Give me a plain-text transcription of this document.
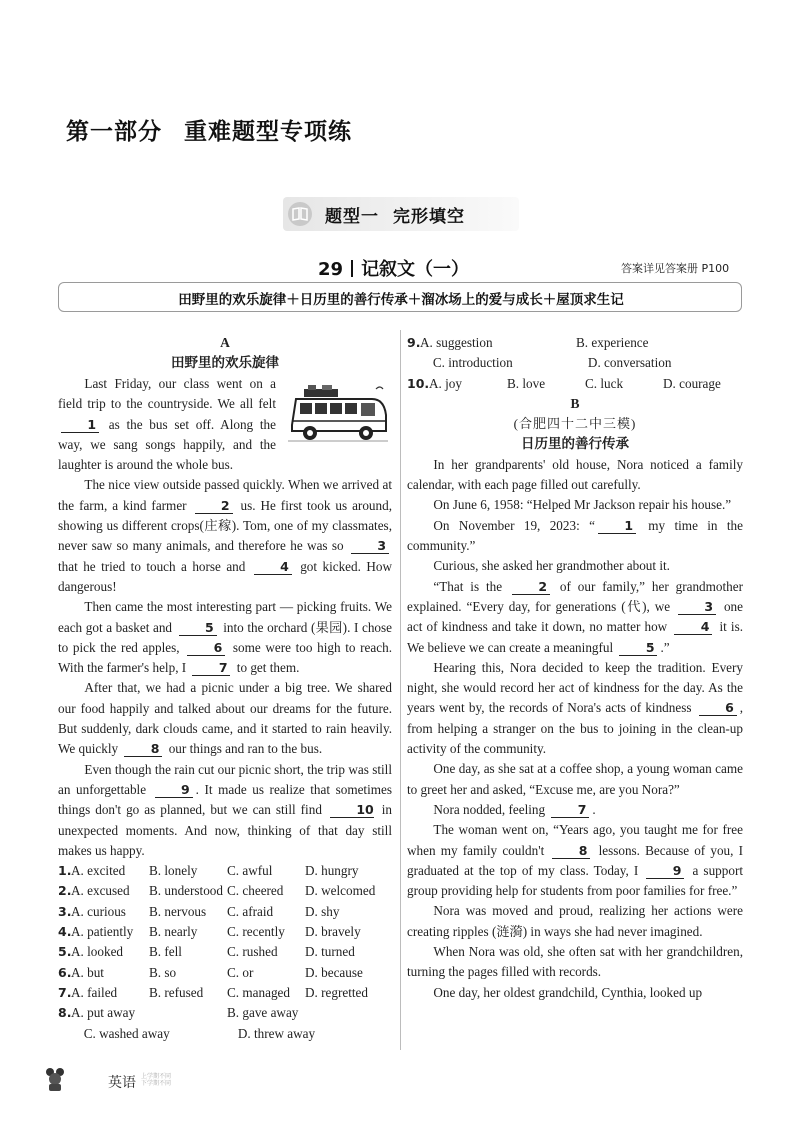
第一部分 重难题型专项练
题型一 完形填空
29 记叙文（一）	答案详见答案册 P100
田野里的欢乐旋律＋日历里的善行传承＋溜冰场上的爱与成长＋屋顶求生记
A
田野里的欢乐旋律

Last Friday, our class went on a field trip to the countryside. We all felt 1 as the bus set off. Along the way, we sang songs happily, and the laughter is around the whole bus.

The nice view outside passed quickly. When we arrived at the farm, a kind farmer 2 us. He first took us around, showing us different crops(庄稼). Tom, one of my classmates, never saw so many animals, and therefore he was so 3 that he tried to touch a horse and 4 got kicked. How dangerous!

Then came the most interesting part — picking fruits. We each got a basket and 5 into the orchard (果园). I chose to pick the red apples, 6 some were too high to reach. With the farmer's help, I 7 to get them.

After that, we had a picnic under a big tree. We shared our food happily and talked about our dreams for the future. But suddenly, dark clouds came, and it started to rain heavily. We quickly 8 our things and ran to the bus.

Even though the rain cut our picnic short, the trip was still an unforgettable 9 . It made us realize that sometimes things don't go as planned, but we can still find 10 in unexpected moments. And now, thinking of that day still makes us happy.

1. A. excited	B. lonely	C. awful	D. hungry
2. A. excused	B. understood C. cheered	D. welcomed
3. A. curious	B. nervous	C. afraid	D. shy
4. A. patiently	B. nearly	C. recently	D. bravely
5. A. looked	B. fell	C. rushed	D. turned
6. A. but	B. so	C. or	D. because
7. A. failed	B. refused	C. managed	D. regretted
8. A. put away	B. gave away
C. washed away	D. threw away
9. A. suggestion	B. experience
C. introduction	D. conversation
10. A. joy	B. love	C. luck	D. courage
B
(合肥四十二中三模)
日历里的善行传承

In her grandparents' old house, Nora noticed a family calendar, with each page filled out carefully.

On June 6, 1958: “Helped Mr Jackson repair his house.”

On November 19, 2023: “ 1 my time in the community.”

Curious, she asked her grandmother about it.

“That is the 2 of our family,” her grandmother explained. “Every day, for generations (代), we 3 one act of kindness and take it down, no matter how 4 it is. We believe we can create a meaningful 5 .”

Hearing this, Nora decided to keep the tradition. Every night, she would record her act of kindness for the day. As the years went by, the records of Nora's acts of kindness 6 , from helping a stranger on the bus to joining in the clean-up activity of the community.

One day, as she sat at a coffee shop, a young woman came to greet her and asked, “Excuse me, are you Nora?”

Nora nodded, feeling 7 .

The woman went on, “Years ago, you taught me for free when my family couldn't 8 lessons. Because of you, I graduated at the top of my class. Today, I 9 a support group providing help for students from poor families for free.”

Nora was moved and proud, realizing her actions were creating ripples (涟漪) in ways she had never imagined.

When Nora was old, she often sat with her grandchildren, turning the pages filled with records.

One day, her oldest grandchild, Cynthia, looked up

英语 上学期不同
下学期不同
